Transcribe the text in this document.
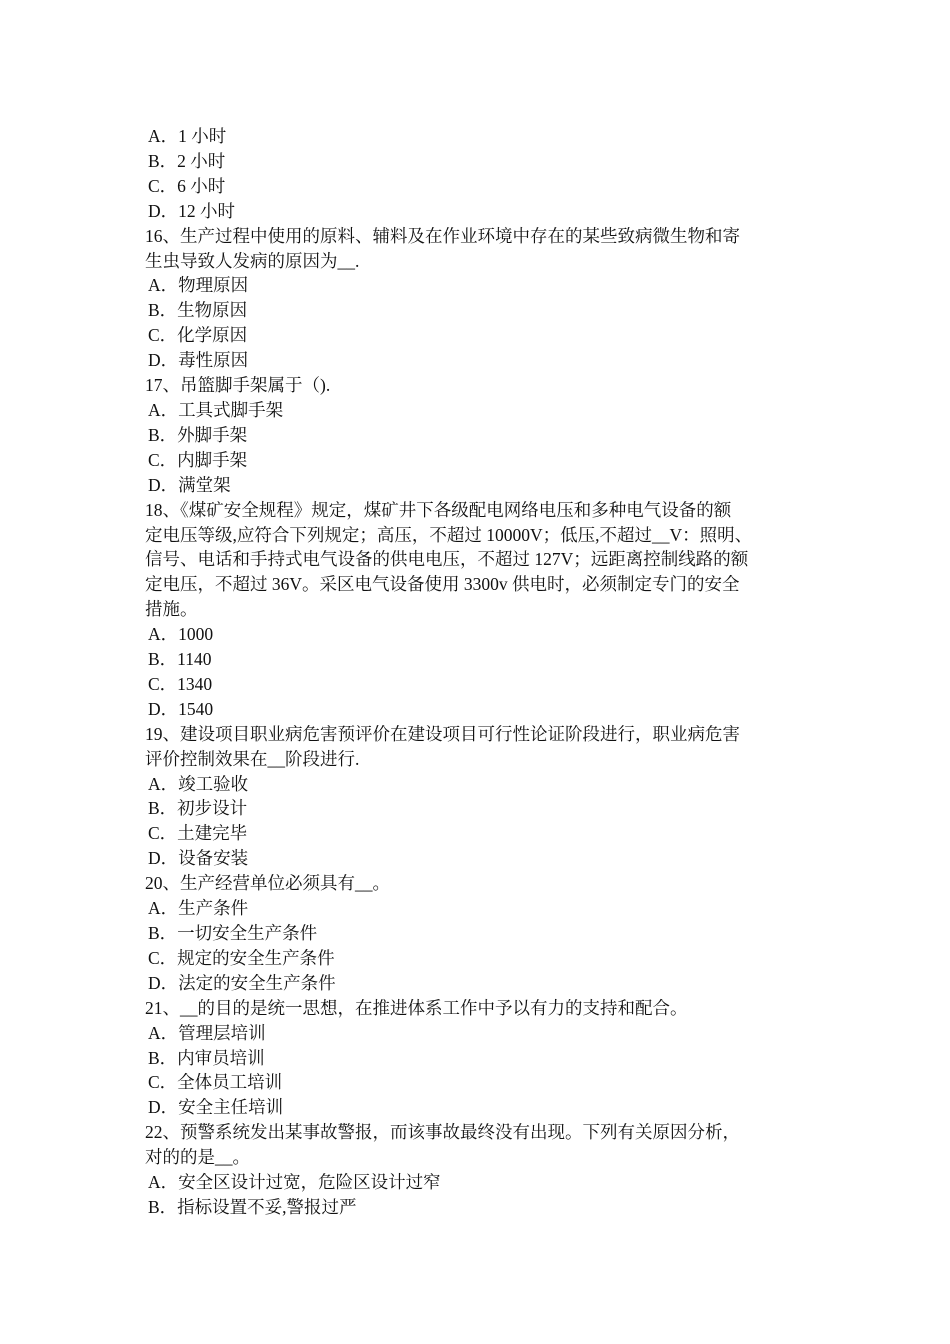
A．1 小时
B．2 小时
C．6 小时
D．12 小时
16、生产过程中使用的原料、辅料及在作业环境中存在的某些致病微生物和寄
生虫导致人发病的原因为__.
A．物理原因
B．生物原因
C．化学原因
D．毒性原因
17、吊篮脚手架属于（).
A．工具式脚手架
B．外脚手架
C．内脚手架
D．满堂架
18、《煤矿安全规程》规定，煤矿井下各级配电网络电压和多种电气设备的额
定电压等级,应符合下列规定；高压，不超过 10000V；低压,不超过__V：照明、
信号、电话和手持式电气设备的供电电压，不超过 127V；远距离控制线路的额
定电压，不超过 36V。采区电气设备使用 3300v 供电时，必须制定专门的安全
措施。
A．1000
B．1140
C．1340
D．1540
19、建设项目职业病危害预评价在建设项目可行性论证阶段进行，职业病危害
评价控制效果在__阶段进行.
A．竣工验收
B．初步设计
C．土建完毕
D．设备安装
20、生产经营单位必须具有__。
A．生产条件
B．一切安全生产条件
C．规定的安全生产条件
D．法定的安全生产条件
21、__的目的是统一思想，在推进体系工作中予以有力的支持和配合。
A．管理层培训
B．内审员培训
C．全体员工培训
D．安全主任培训
22、预警系统发出某事故警报，而该事故最终没有出现。下列有关原因分析，
对的的是__。
A．安全区设计过宽，危险区设计过窄
B．指标设置不妥,警报过严
